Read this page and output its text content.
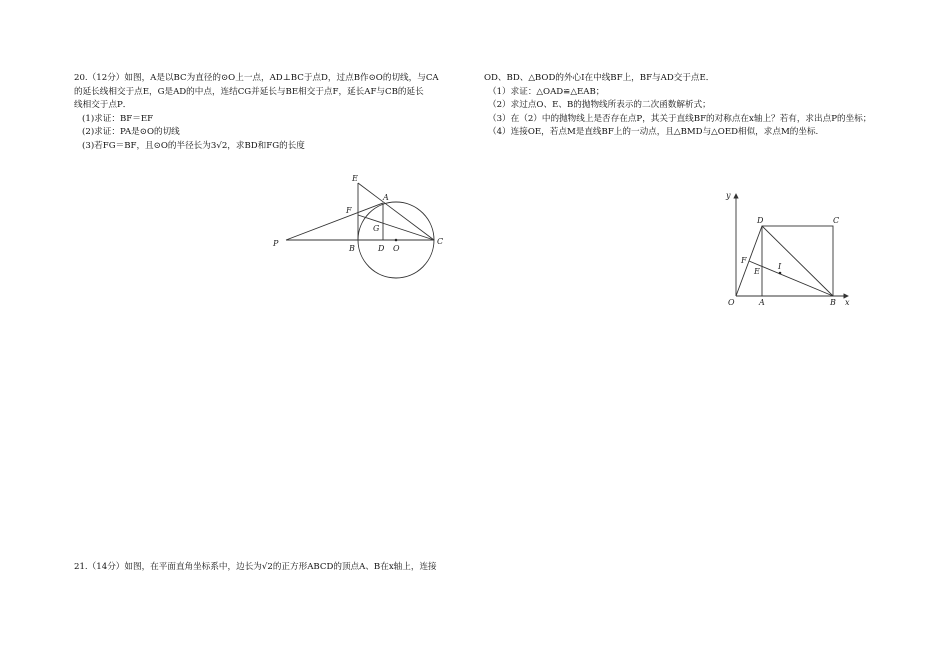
20.（12分）如图，A是以BC为直径的⊙O上一点，AD⊥BC于点D，过点B作⊙O的切线，与CA

的延长线相交于点E，G是AD的中点，连结CG并延长与BE相交于点F，延长AF与CB的延长

线相交于点P．

(1)求证：BF＝EF

(2)求证：PA是⊙O的切线

(3)若FG＝BF，且⊙O的半径长为3√2，求BD和FG的长度

E
A
F
G
P
B	D O
C

OD、BD、△BOD的外心I在中线BF上，BF与AD交于点E．

（1）求证：△OAD≌△EAB；

（2）求过点O、E、B的抛物线所表示的二次函数解析式；

（3）在（2）中的抛物线上是否存在点P，其关于直线BF的对称点在x轴上？若有，求出点P的坐标；

（4）连接OE，若点M是直线BF上的一动点，且△BMD与△OED相似，求点M的坐标.

y
D	C
F
E
I
O	A	B x

21.（14分）如图，在平面直角坐标系中，边长为√2的正方形ABCD的顶点A、B在x轴上，连接
